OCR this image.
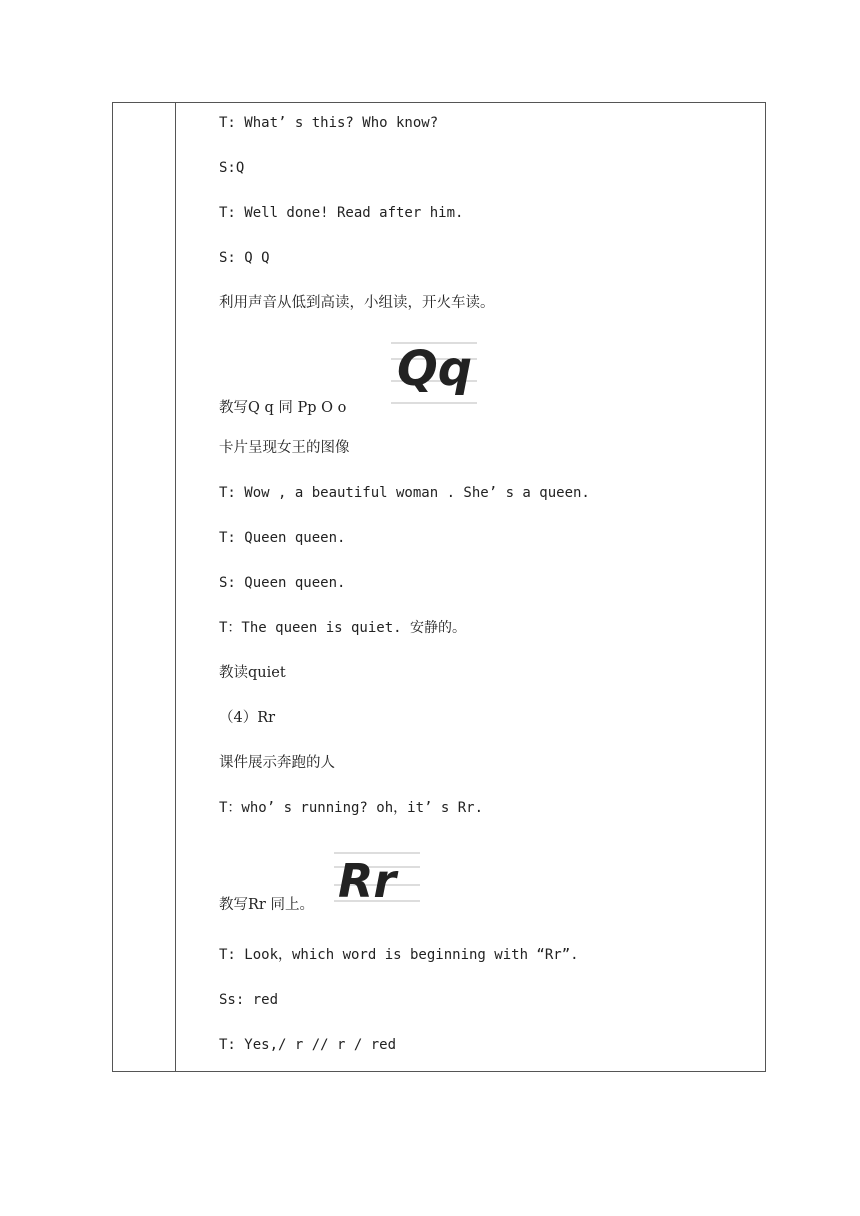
T: What’ s this? Who know?
S:Q
T: Well done! Read after him.
S: Q Q
利用声音从低到高读，小组读，开火车读。
Qq
教写Q q 同 Pp O o
卡片呈现女王的图像
T: Wow , a beautiful woman . She’ s a queen.
T: Queen queen.
S: Queen queen.
T：The queen is quiet. 安静的。
教读quiet
（4）Rr
课件展示奔跑的人
T：who’ s running? oh，it’ s Rr.
Rr
教写Rr 同上。
T: Look，which word is beginning with “Rr”.
Ss: red
T: Yes,/ r // r / red
